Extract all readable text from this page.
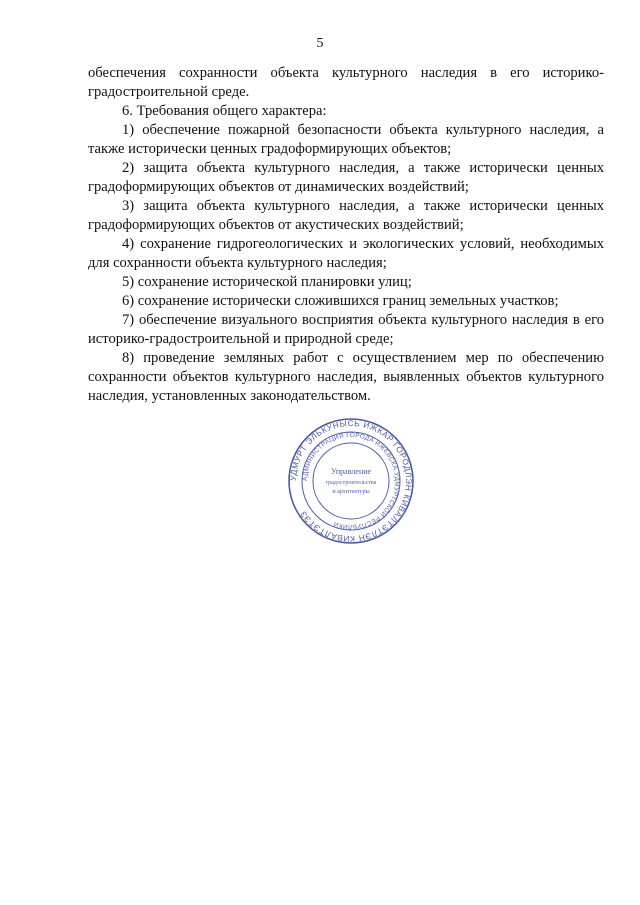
5

обеспечения сохранности объекта культурного наследия в его историко-градостроительной среде.

6. Требования общего характера:

1) обеспечение пожарной безопасности объекта культурного наследия, а также исторически ценных градоформирующих объектов;

2) защита объекта культурного наследия, а также исторически ценных градоформирующих объектов от динамических воздействий;

3) защита объекта культурного наследия, а также исторически ценных градоформирующих объектов от акустических воздействий;

4) сохранение гидрогеологических и экологических условий, необходимых для сохранности объекта культурного наследия;

5) сохранение исторической планировки улиц;

6) сохранение исторически сложившихся границ земельных участков;

7) обеспечение визуального восприятия объекта культурного наследия в его историко-градостроительной и природной среде;

8) проведение земляных работ с осуществлением мер по обеспечению сохранности объектов культурного наследия, выявленных объектов культурного наследия, установленных законодательством.

УДМУРТ ЭЛЬКУНЫСЬ ИЖКАР ГОРОДЛЭН КИВАЛТЭТЛЭН КИВАЛТЭТЭЗ
АДМИНИСТРАЦИЯ ГОРОДА ИЖЕВСКА УДМУРТСКОЙ РЕСПУБЛИКИ
Управление
градостроительства
и архитектуры
